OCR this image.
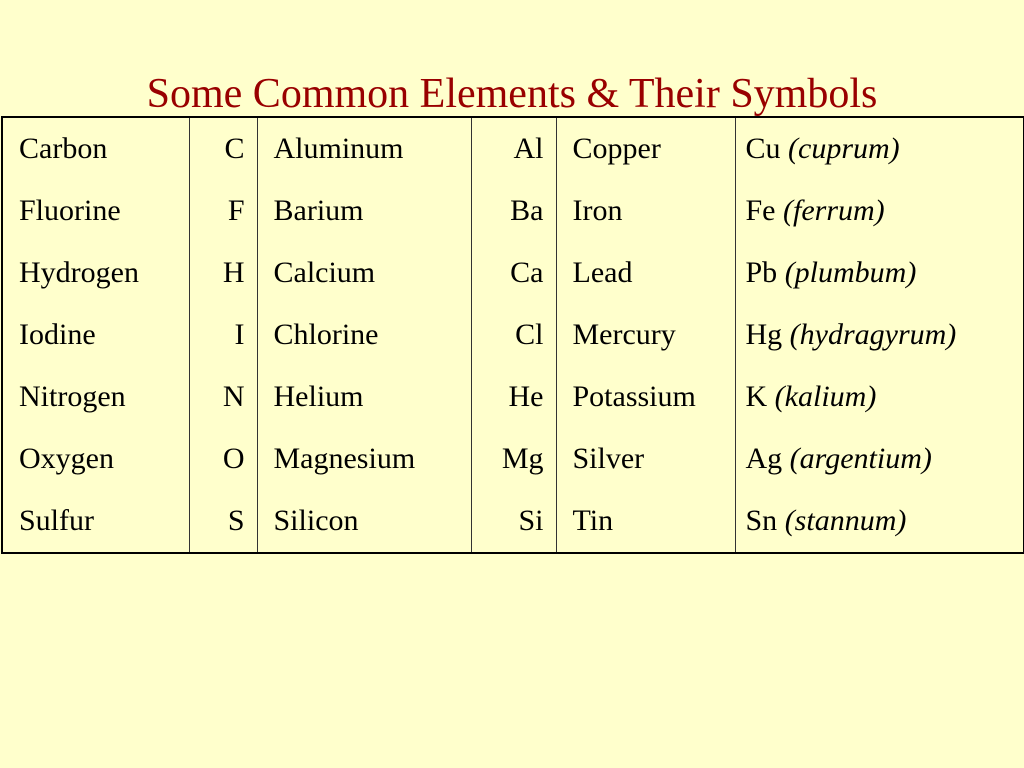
Some Common Elements & Their Symbols
Carbon	C	Aluminum	Al	Copper	Cu (cuprum)
Fluorine	F	Barium	Ba	Iron	Fe (ferrum)
Hydrogen	H	Calcium	Ca	Lead	Pb (plumbum)
Iodine	I	Chlorine	Cl	Mercury	Hg (hydragyrum)
Nitrogen	N	Helium	He	Potassium	K (kalium)
Oxygen	O	Magnesium	Mg	Silver	Ag (argentium)
Sulfur	S	Silicon	Si	Tin	Sn (stannum)
